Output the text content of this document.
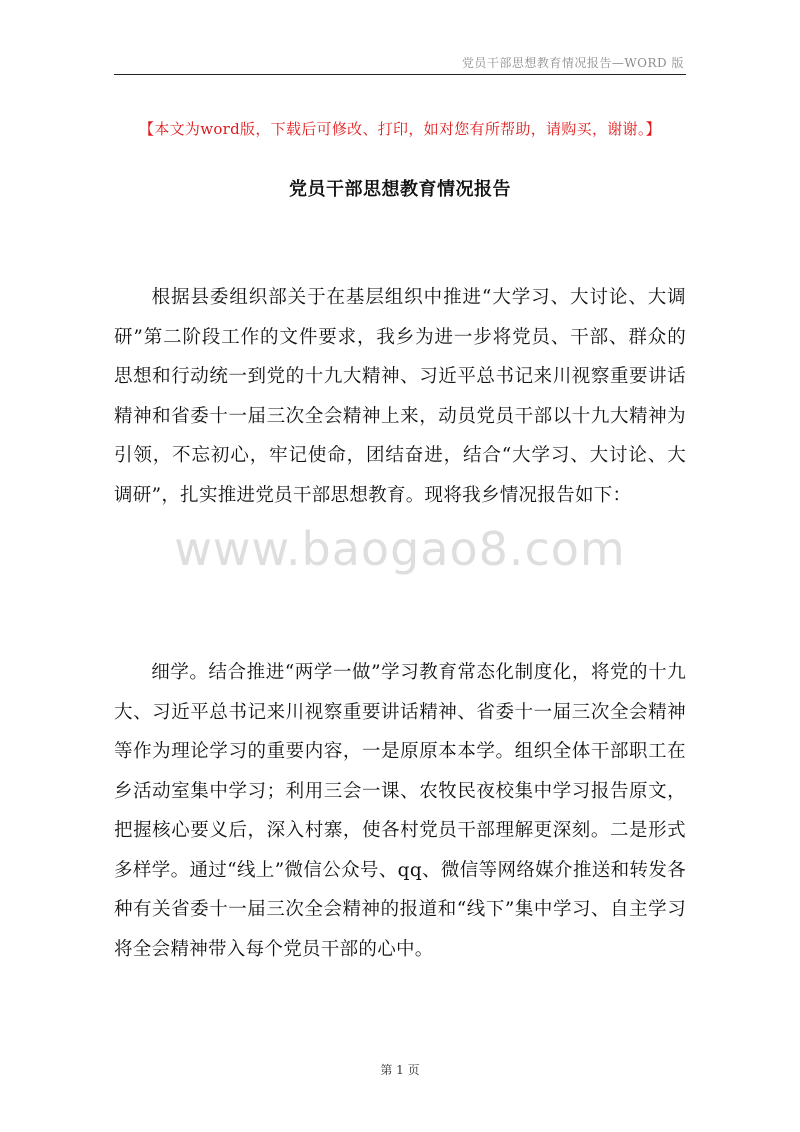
党员干部思想教育情况报告—WORD 版
【本文为word版，下载后可修改、打印，如对您有所帮助，请购买，谢谢。】
党员干部思想教育情况报告

根据县委组织部关于在基层组织中推进“大学习、大讨论、大调研”第二阶段工作的文件要求，我乡为进一步将党员、干部、群众的思想和行动统一到党的十九大精神、习近平总书记来川视察重要讲话精神和省委十一届三次全会精神上来，动员党员干部以十九大精神为引领，不忘初心，牢记使命，团结奋进，结合“大学习、大讨论、大调研”，扎实推进党员干部思想教育。现将我乡情况报告如下：

www.baogao8.com

细学。结合推进“两学一做”学习教育常态化制度化，将党的十九大、习近平总书记来川视察重要讲话精神、省委十一届三次全会精神等作为理论学习的重要内容，一是原原本本学。组织全体干部职工在乡活动室集中学习；利用三会一课、农牧民夜校集中学习报告原文，把握核心要义后，深入村寨，使各村党员干部理解更深刻。二是形式多样学。通过“线上”微信公众号、qq、微信等网络媒介推送和转发各种有关省委十一届三次全会精神的报道和“线下”集中学习、自主学习将全会精神带入每个党员干部的心中。

第 1 页
